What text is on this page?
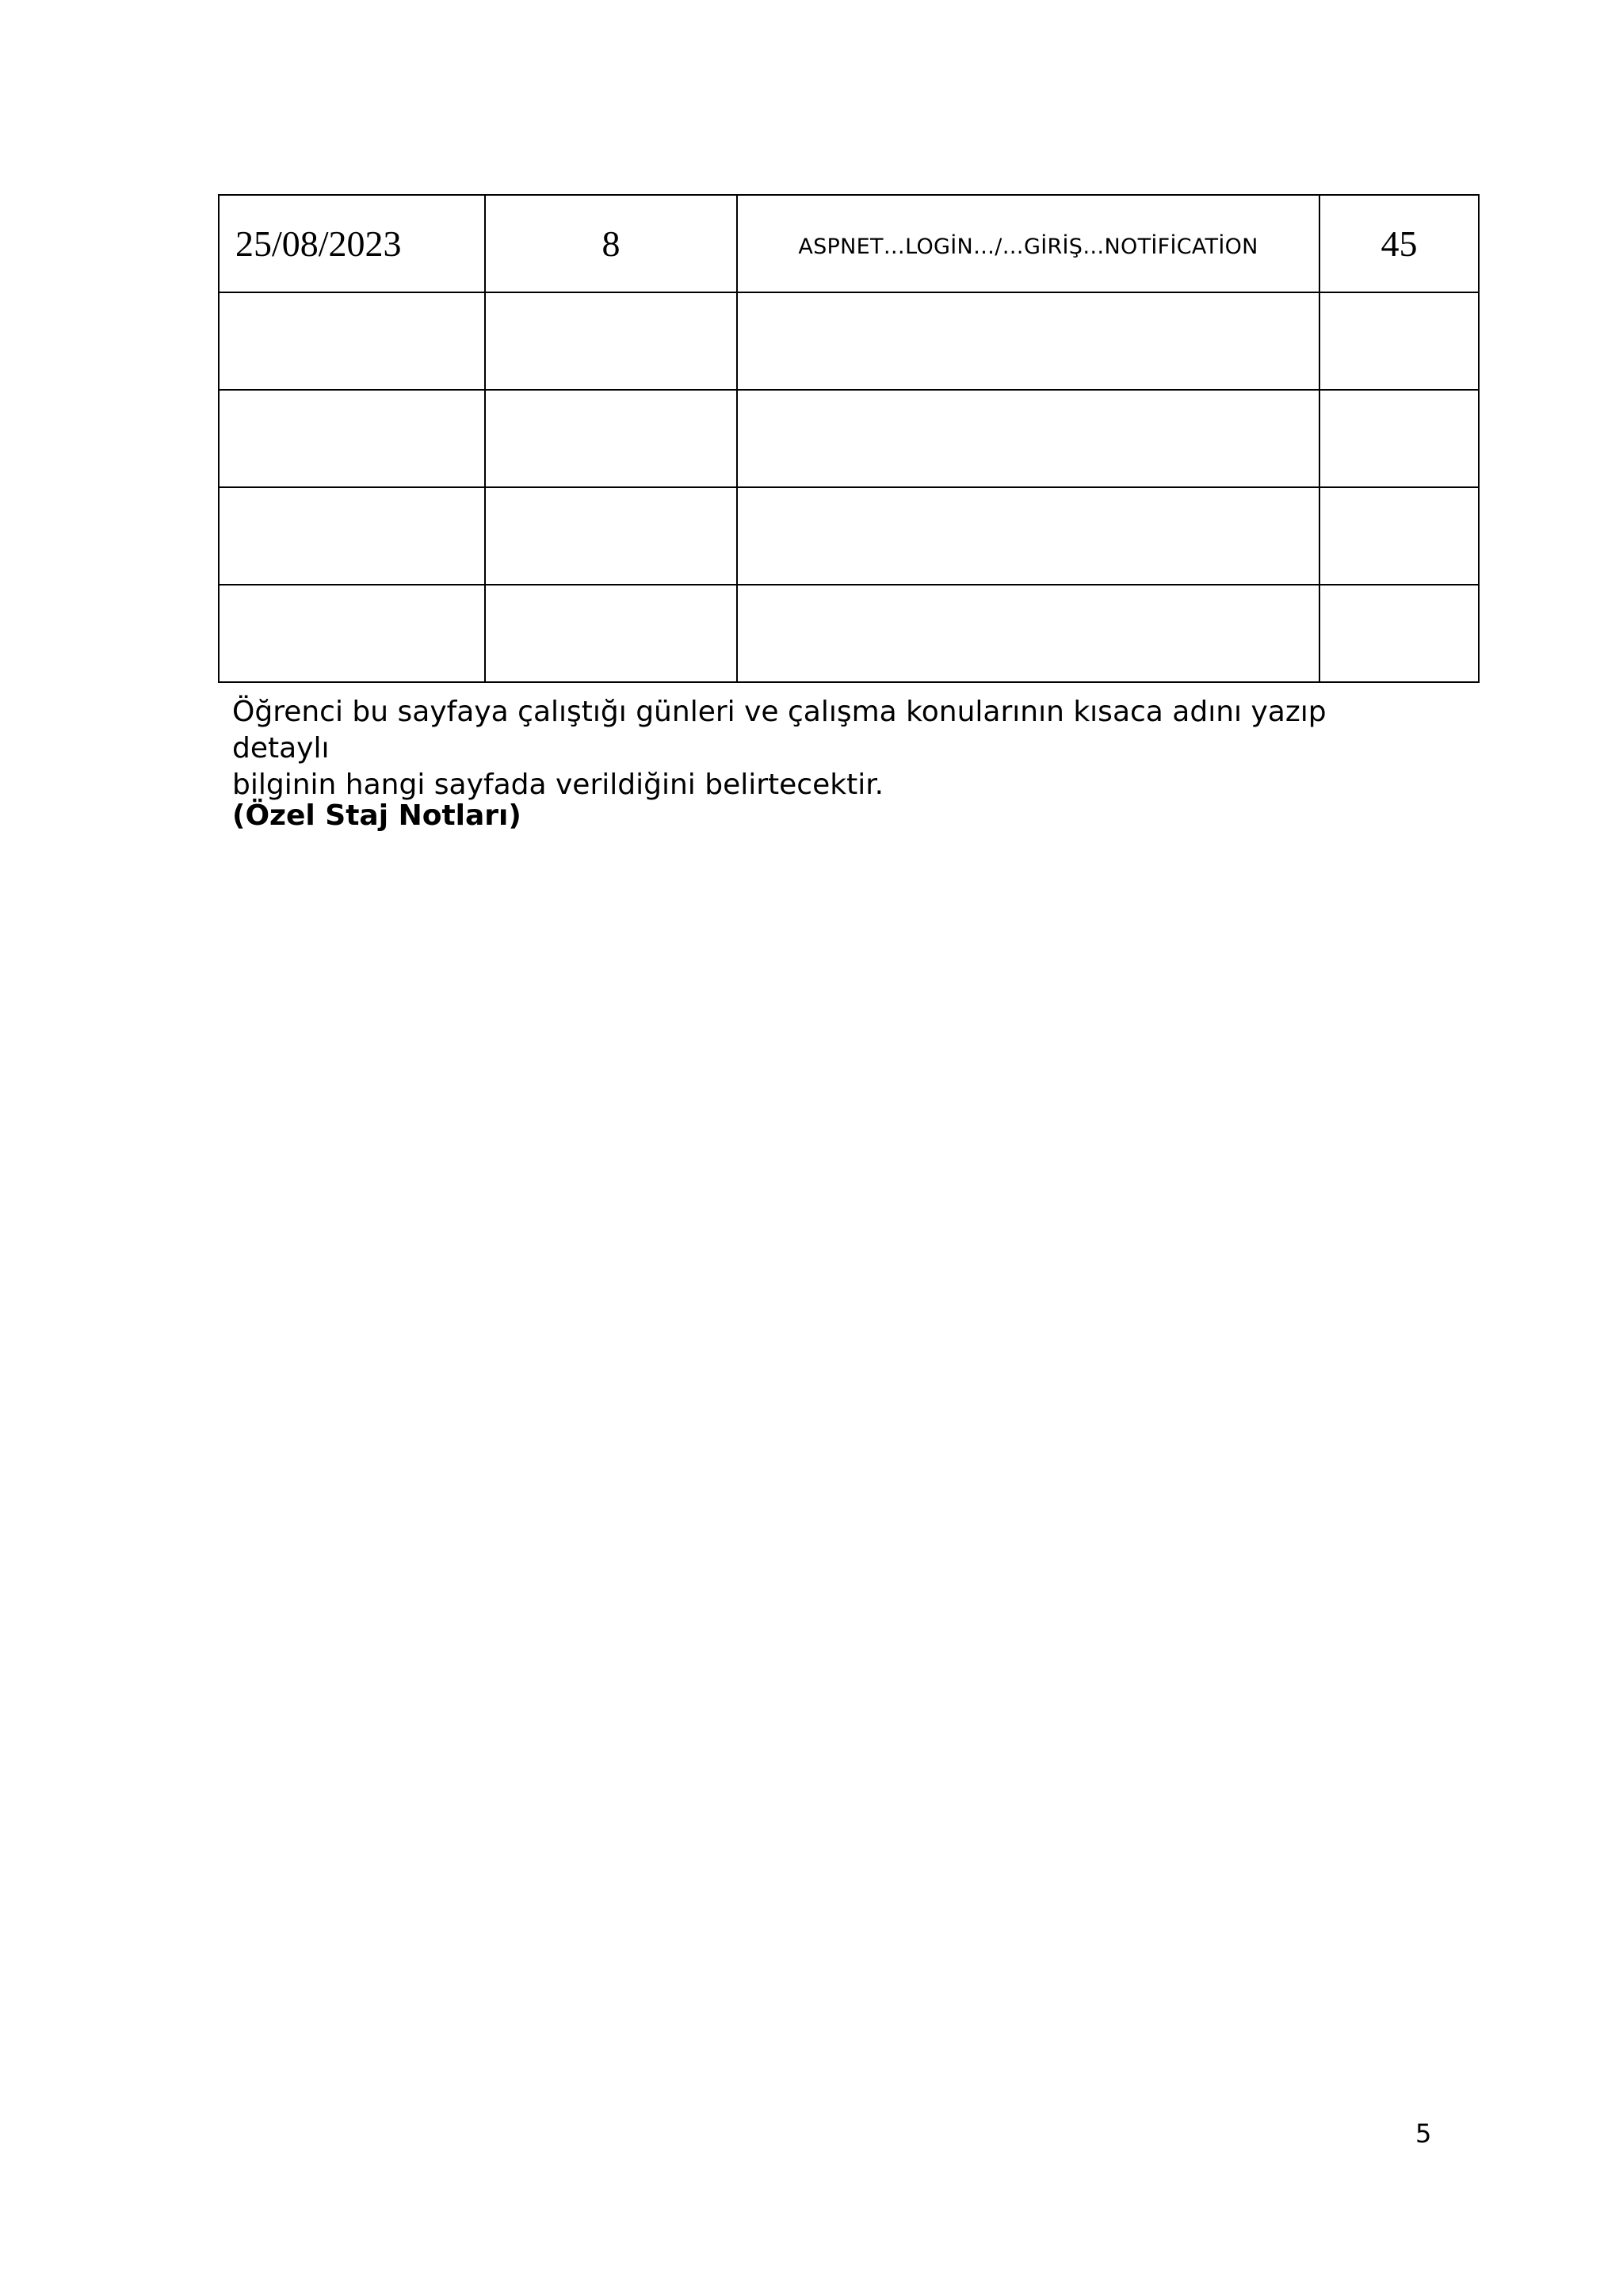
25/08/2023	8	ASPNET…LOGİN…/…GİRİŞ…NOTİFİCATİON	45

Öğrenci bu sayfaya çalıştığı günleri ve çalışma konularının kısaca adını yazıp detaylı
bilginin hangi sayfada verildiğini belirtecektir.

(Özel Staj Notları)

5
